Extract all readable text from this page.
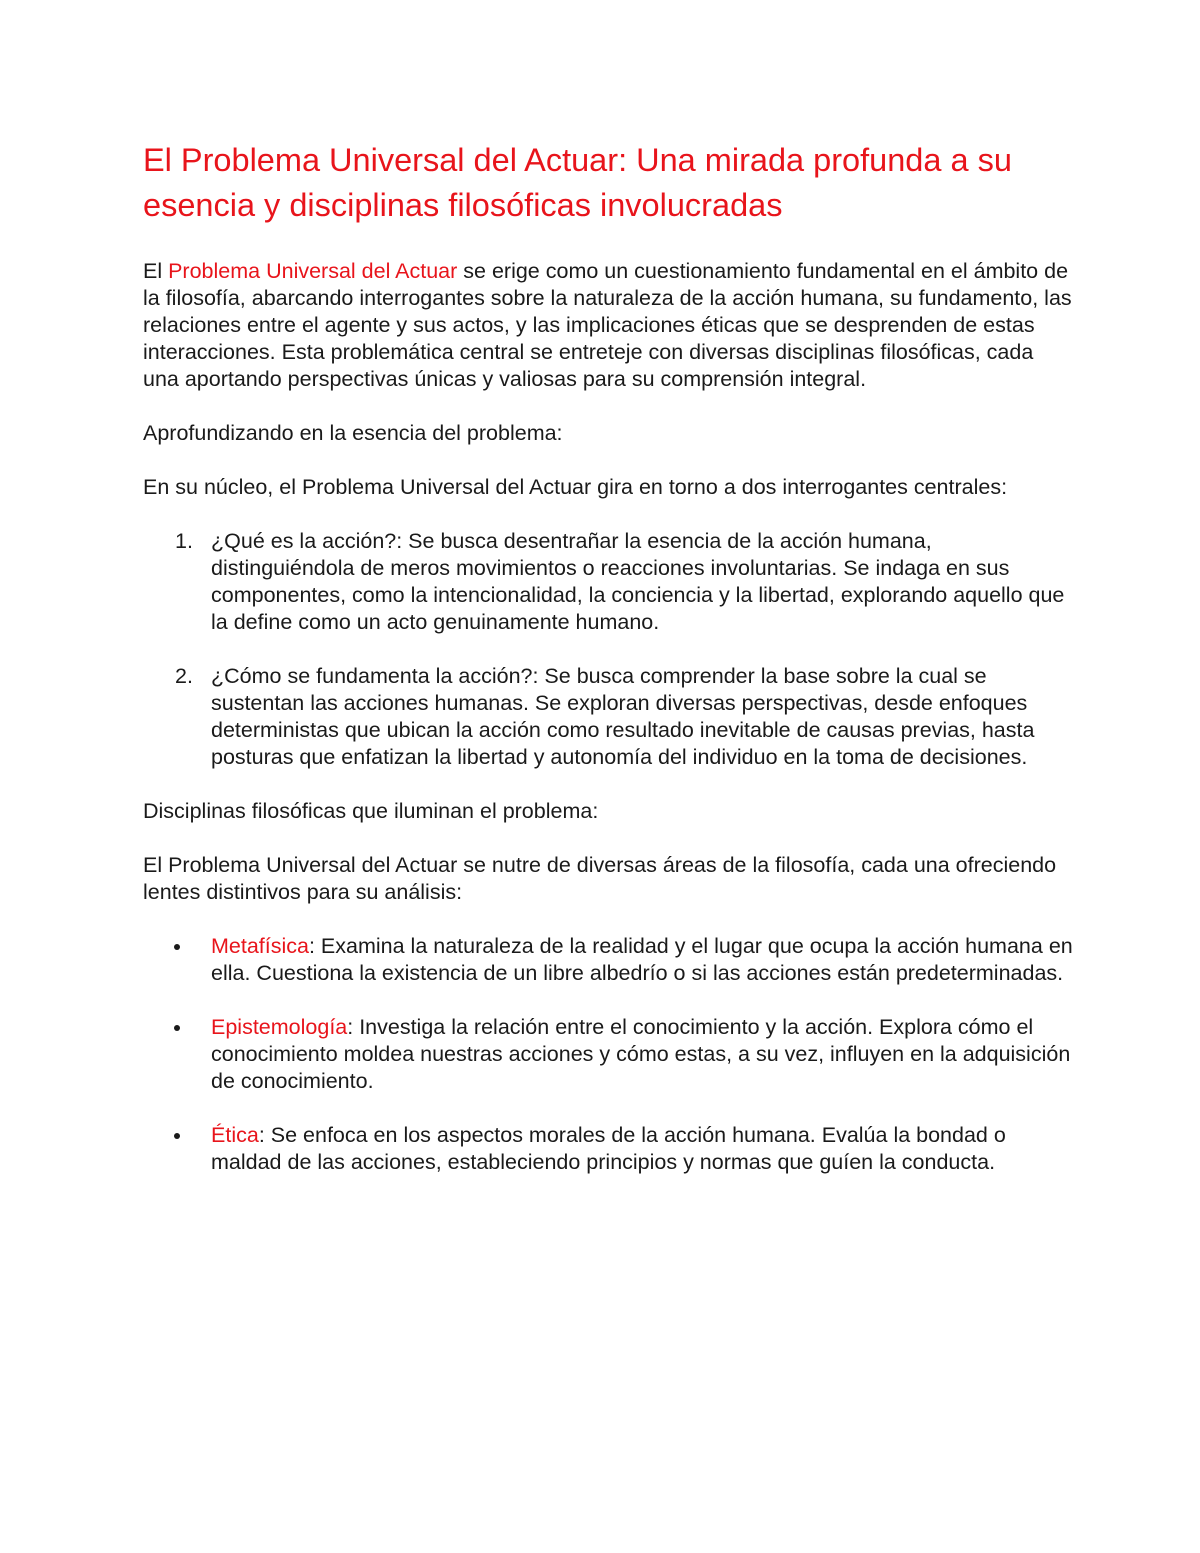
El Problema Universal del Actuar: Una mirada profunda a su esencia y disciplinas filosóficas involucradas

El Problema Universal del Actuar se erige como un cuestionamiento fundamental en el ámbito de la filosofía, abarcando interrogantes sobre la naturaleza de la acción humana, su fundamento, las relaciones entre el agente y sus actos, y las implicaciones éticas que se desprenden de estas interacciones. Esta problemática central se entreteje con diversas disciplinas filosóficas, cada una aportando perspectivas únicas y valiosas para su comprensión integral.

Aprofundizando en la esencia del problema:

En su núcleo, el Problema Universal del Actuar gira en torno a dos interrogantes centrales:

1. ¿Qué es la acción?: Se busca desentrañar la esencia de la acción humana, distinguiéndola de meros movimientos o reacciones involuntarias. Se indaga en sus componentes, como la intencionalidad, la conciencia y la libertad, explorando aquello que la define como un acto genuinamente humano.
2. ¿Cómo se fundamenta la acción?: Se busca comprender la base sobre la cual se sustentan las acciones humanas. Se exploran diversas perspectivas, desde enfoques deterministas que ubican la acción como resultado inevitable de causas previas, hasta posturas que enfatizan la libertad y autonomía del individuo en la toma de decisiones.

Disciplinas filosóficas que iluminan el problema:

El Problema Universal del Actuar se nutre de diversas áreas de la filosofía, cada una ofreciendo lentes distintivos para su análisis:

Metafísica: Examina la naturaleza de la realidad y el lugar que ocupa la acción humana en ella. Cuestiona la existencia de un libre albedrío o si las acciones están predeterminadas.
Epistemología: Investiga la relación entre el conocimiento y la acción. Explora cómo el conocimiento moldea nuestras acciones y cómo estas, a su vez, influyen en la adquisición de conocimiento.
Ética: Se enfoca en los aspectos morales de la acción humana. Evalúa la bondad o maldad de las acciones, estableciendo principios y normas que guíen la conducta.
